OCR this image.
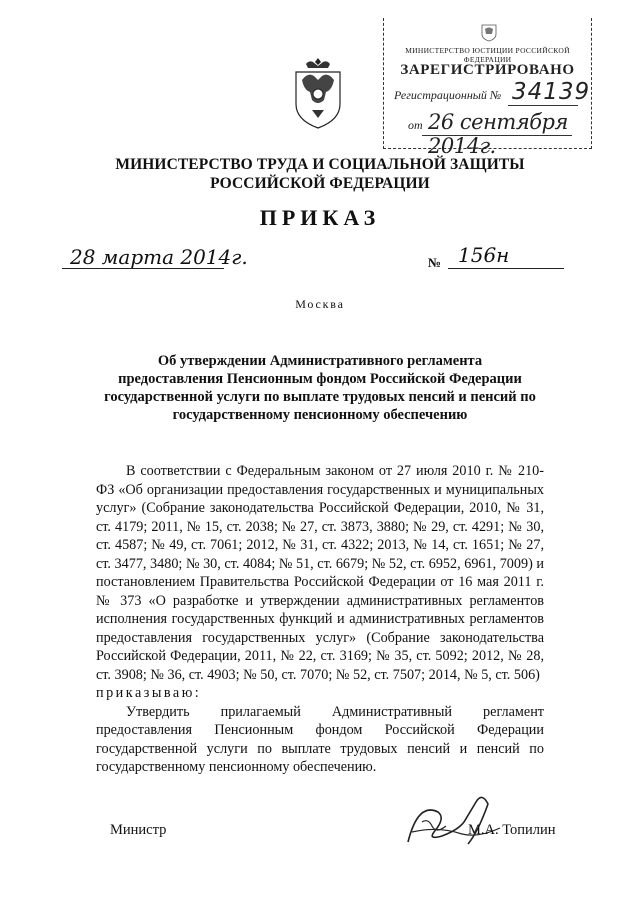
МИНИСТЕРСТВО ЮСТИЦИИ РОССИЙСКОЙ ФЕДЕРАЦИИ
ЗАРЕГИСТРИРОВАНО
Регистрационный № 34139
от 26 сентября 2014г.
МИНИСТЕРСТВО ТРУДА И СОЦИАЛЬНОЙ ЗАЩИТЫ
РОССИЙСКОЙ ФЕДЕРАЦИИ
ПРИКАЗ
28 марта 2014г.	№ 156н
Москва
Об утверждении Административного регламента
предоставления Пенсионным фондом Российской Федерации
государственной услуги по выплате трудовых пенсий и пенсий по
государственному пенсионному обеспечению

В соответствии с Федеральным законом от 27 июля 2010 г. № 210-ФЗ «Об организации предоставления государственных и муниципальных услуг» (Собрание законодательства Российской Федерации, 2010, № 31, ст. 4179; 2011, № 15, ст. 2038; № 27, ст. 3873, 3880; № 29, ст. 4291; № 30, ст. 4587; № 49, ст. 7061; 2012, № 31, ст. 4322; 2013, № 14, ст. 1651; № 27, ст. 3477, 3480; № 30, ст. 4084; № 51, ст. 6679; № 52, ст. 6952, 6961, 7009) и постановлением Правительства Российской Федерации от 16 мая 2011 г. № 373 «О разработке и утверждении административных регламентов исполнения государственных функций и административных регламентов предоставления государственных услуг» (Собрание законодательства Российской Федерации, 2011, № 22, ст. 3169; № 35, ст. 5092; 2012, № 28, ст. 3908; № 36, ст. 4903; № 50, ст. 7070; № 52, ст. 7507; 2014, № 5, ст. 506)

приказываю:

Утвердить прилагаемый Административный регламент предоставления Пенсионным фондом Российской Федерации государственной услуги по выплате трудовых пенсий и пенсий по государственному пенсионному обеспечению.

Министр	М.А. Топилин
